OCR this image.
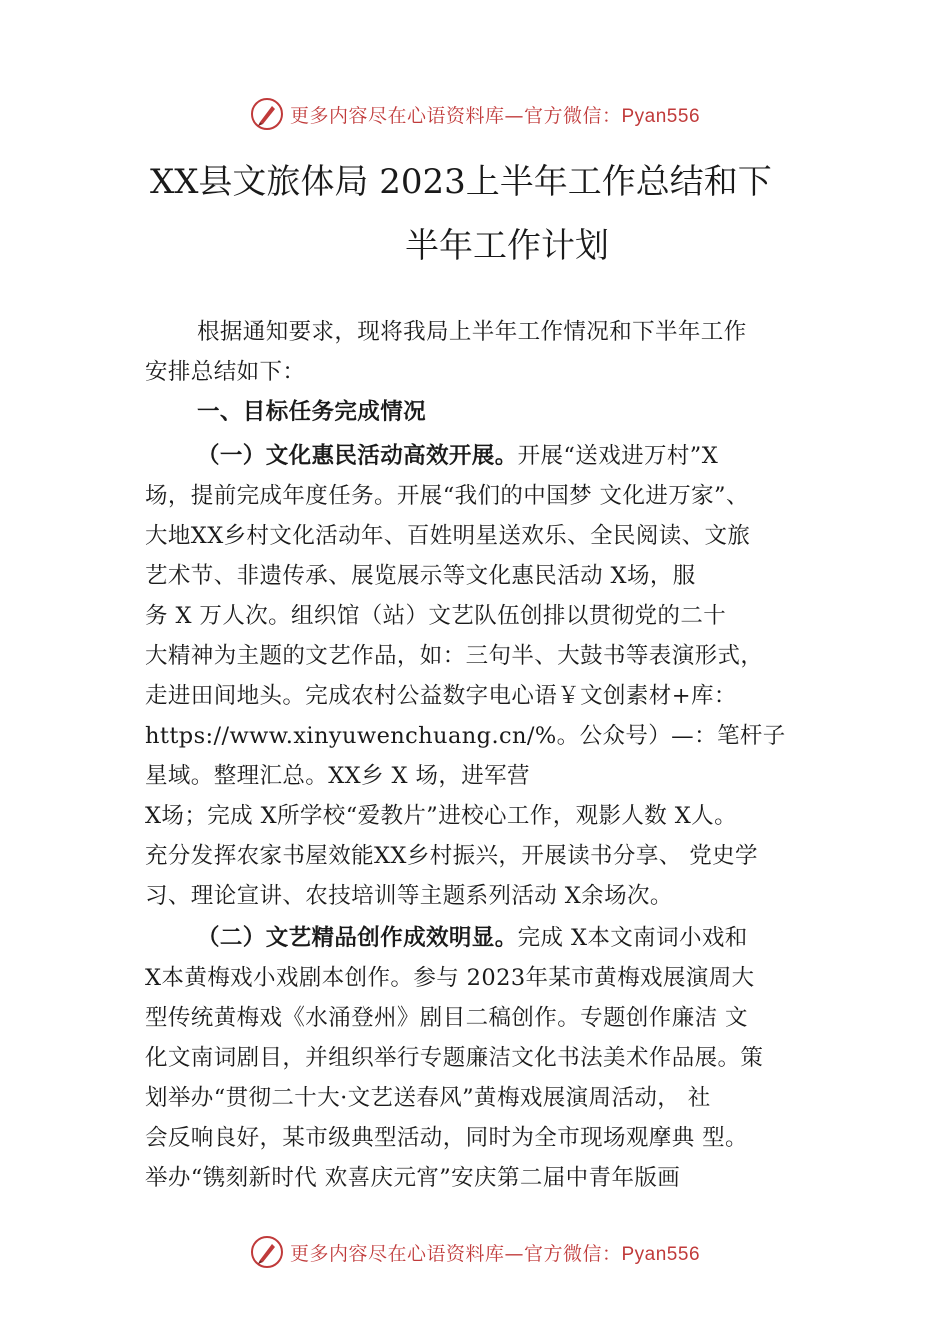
更多内容尽在心语资料库—官方微信：Pyan556
XX县文旅体局 2023上半年工作总结和下
半年工作计划
根据通知要求，现将我局上半年工作情况和下半年工作
安排总结如下：
一、目标任务完成情况
（一）文化惠民活动高效开展。开展“送戏进万村”X
场，提前完成年度任务。开展“我们的中国梦 文化进万家”、
大地XX乡村文化活动年、百姓明星送欢乐、全民阅读、文旅
艺术节、非遗传承、展览展示等文化惠民活动 X场，服
务 X 万人次。组织馆（站）文艺队伍创排以贯彻党的二十
大精神为主题的文艺作品，如：三句半、大鼓书等表演形式，
走进田间地头。完成农村公益数字电心语￥文创素材+库：
https://www.xinyuwenchuang.cn/%。公众号）—：笔杆子
星域。整理汇总。XX乡 X 场，进军营
X场；完成 X所学校“爱教片”进校心工作，观影人数 X人。
充分发挥农家书屋效能XX乡村振兴，开展读书分享、 党史学
习、理论宣讲、农技培训等主题系列活动 X余场次。
（二）文艺精品创作成效明显。完成 X本文南词小戏和
X本黄梅戏小戏剧本创作。参与 2023年某市黄梅戏展演周大
型传统黄梅戏《水涌登州》剧目二稿创作。专题创作廉洁 文
化文南词剧目，并组织举行专题廉洁文化书法美术作品展。策
划举办“贯彻二十大·文艺送春风”黄梅戏展演周活动， 社
会反响良好，某市级典型活动，同时为全市现场观摩典 型。
举办“镌刻新时代 欢喜庆元宵”安庆第二届中青年版画
更多内容尽在心语资料库—官方微信：Pyan556
